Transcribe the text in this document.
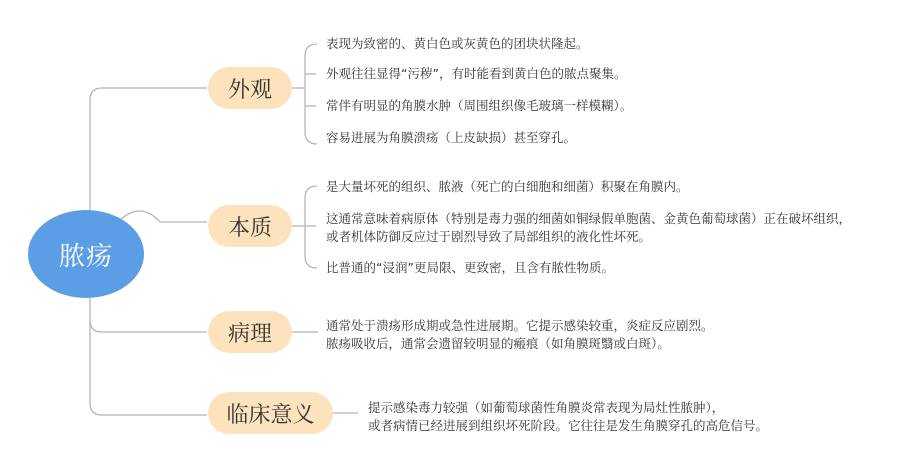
脓疡
外观
本质
病理
临床意义
表现为致密的、黄白色或灰黄色的团块状隆起。
外观往往显得“污秽”，有时能看到黄白色的脓点聚集。
常伴有明显的角膜水肿（周围组织像毛玻璃一样模糊）。
容易进展为角膜溃疡（上皮缺损）甚至穿孔。
是大量坏死的组织、脓液（死亡的白细胞和细菌）积聚在角膜内。
这通常意味着病原体（特别是毒力强的细菌如铜绿假单胞菌、金黄色葡萄球菌）正在破坏组织，
或者机体防御反应过于剧烈导致了局部组织的液化性坏死。
比普通的“浸润”更局限、更致密，且含有脓性物质。
通常处于溃疡形成期或急性进展期。它提示感染较重，炎症反应剧烈。
脓疡吸收后，通常会遗留较明显的瘢痕（如角膜斑翳或白斑）。
提示感染毒力较强（如葡萄球菌性角膜炎常表现为局灶性脓肿），
或者病情已经进展到组织坏死阶段。它往往是发生角膜穿孔的高危信号。
